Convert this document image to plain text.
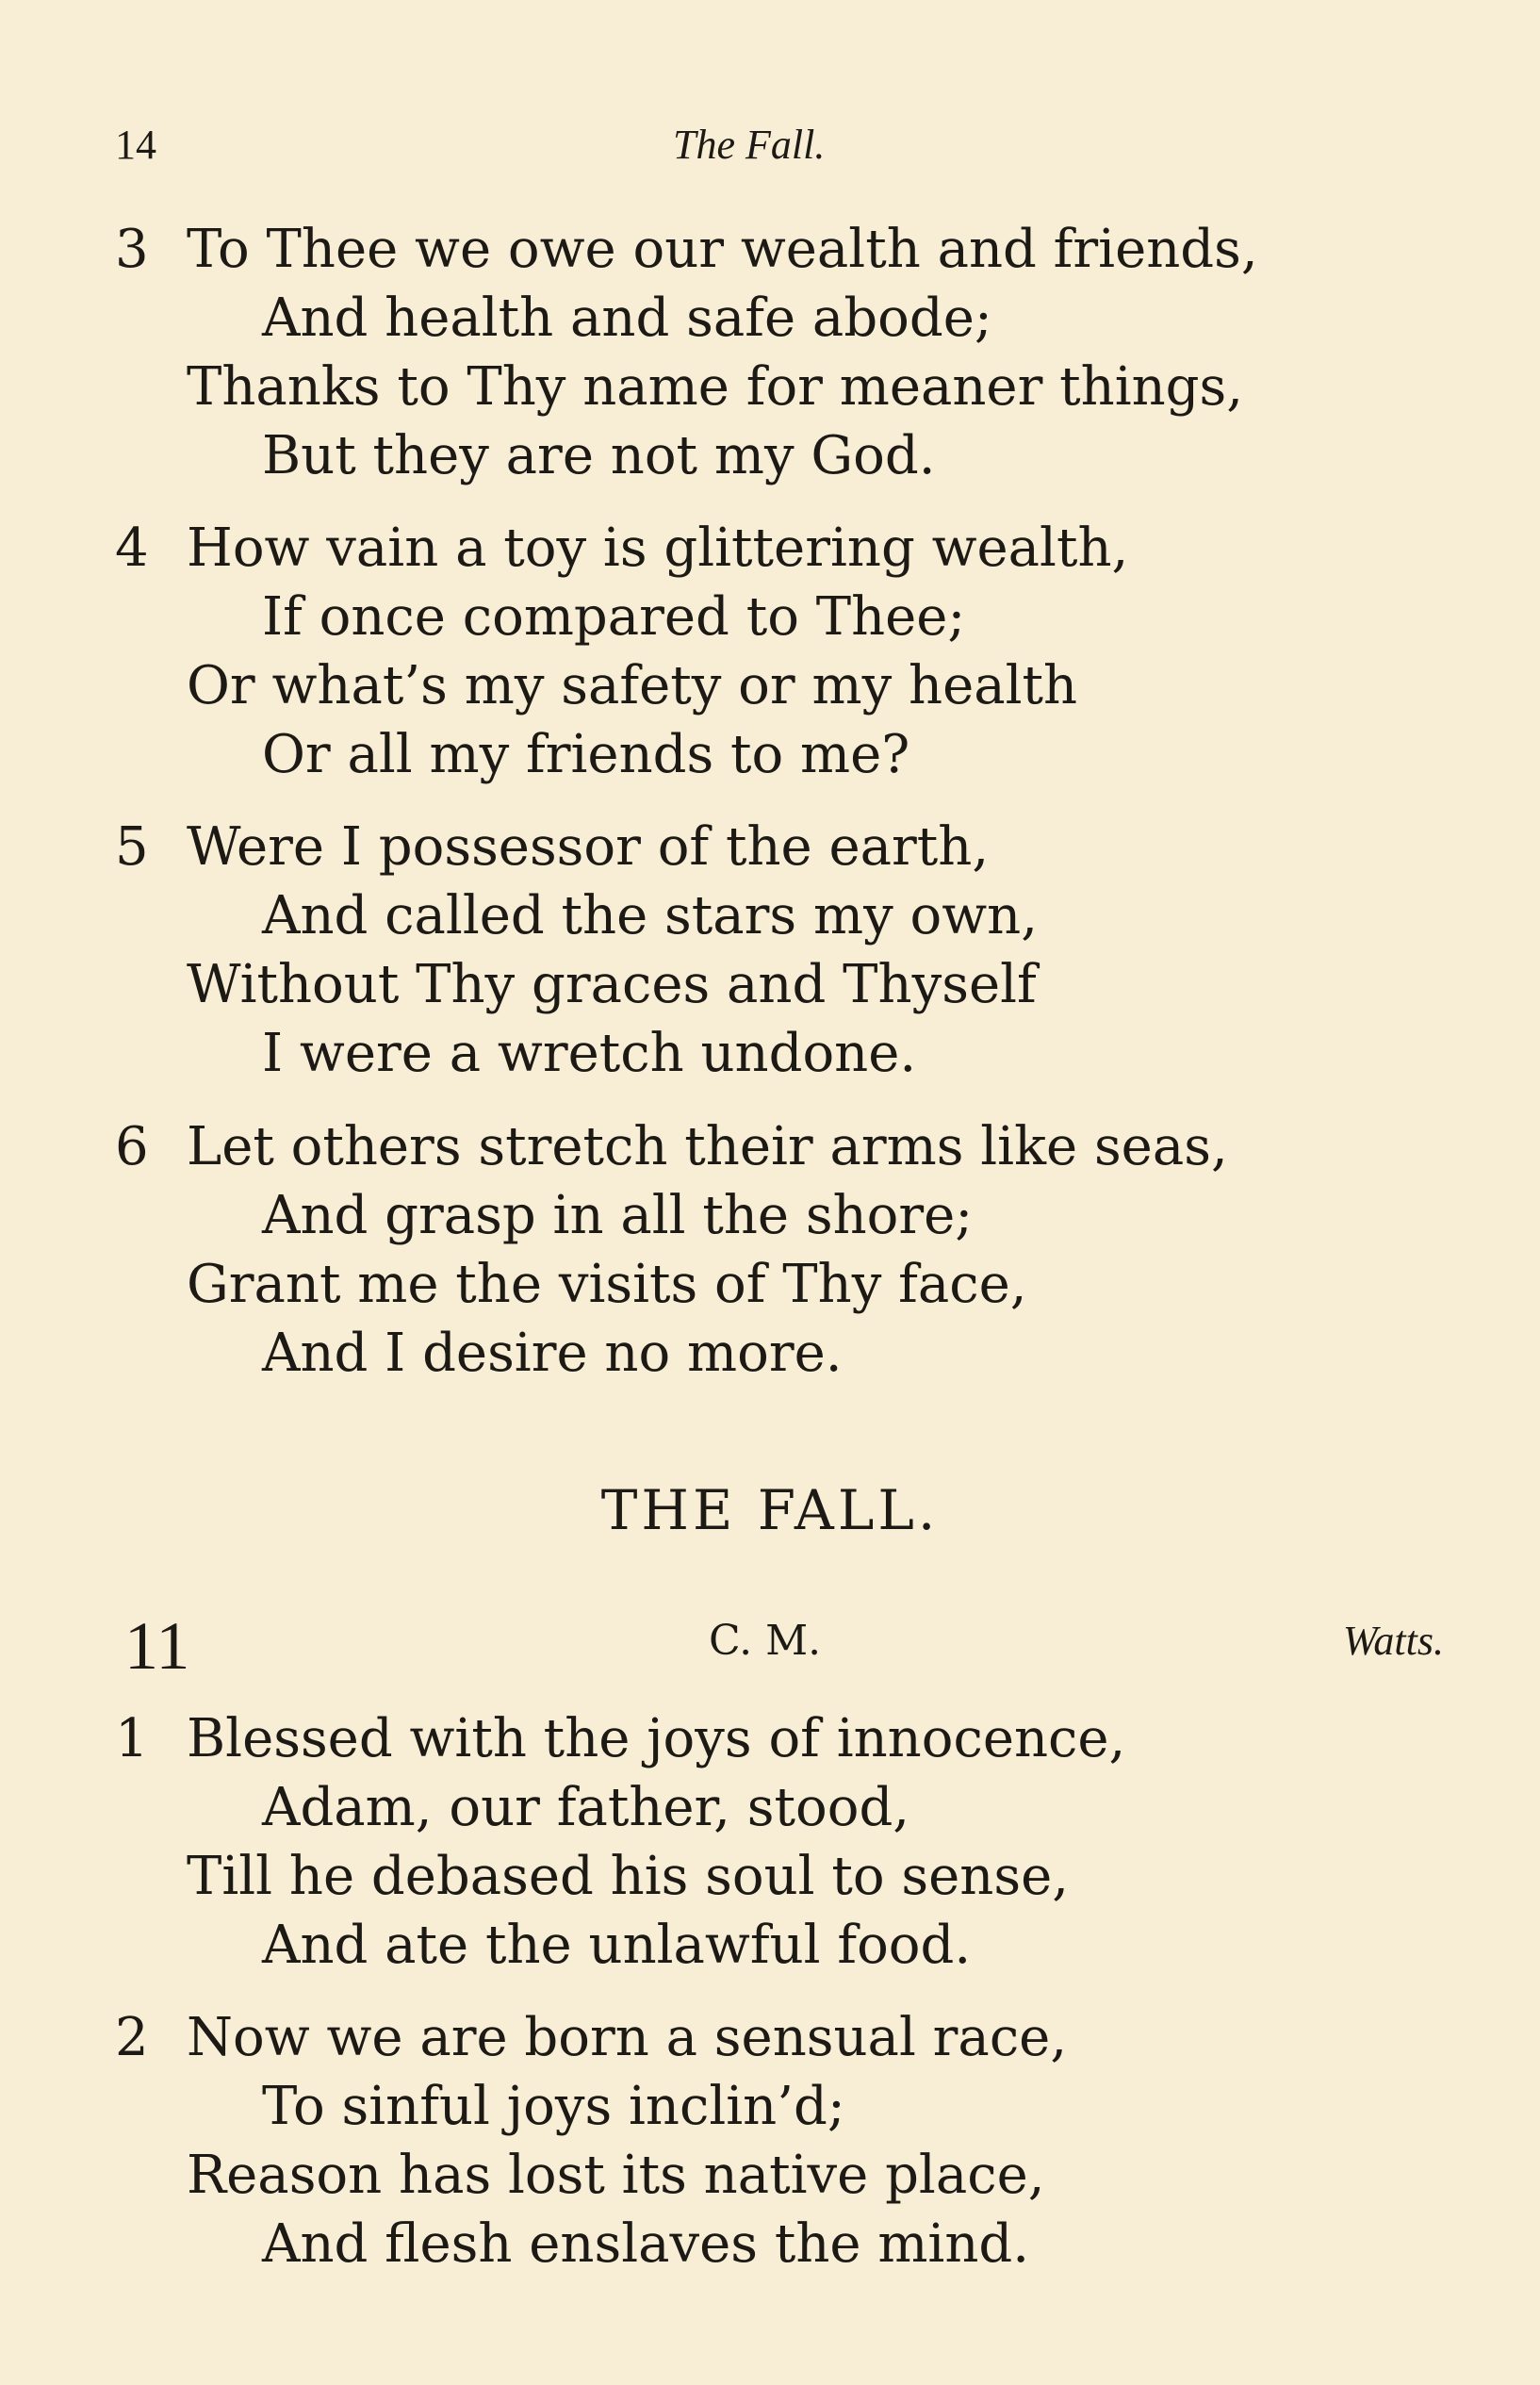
14	The Fall.
3 To Thee we owe our wealth and friends,
And health and safe abode;
Thanks to Thy name for meaner things,
But they are not my God.
4 How vain a toy is glittering wealth,
If once compared to Thee;
Or what’s my safety or my health
Or all my friends to me?
5 Were I possessor of the earth,
And called the stars my own,
Without Thy graces and Thyself
I were a wretch undone.
6 Let others stretch their arms like seas,
And grasp in all the shore;
Grant me the visits of Thy face,
And I desire no more.
THE FALL.
11	C. M.	Watts.
1 Blessed with the joys of innocence,
Adam, our father, stood,
Till he debased his soul to sense,
And ate the unlawful food.
2 Now we are born a sensual race,
To sinful joys inclin’d;
Reason has lost its native place,
And flesh enslaves the mind.
